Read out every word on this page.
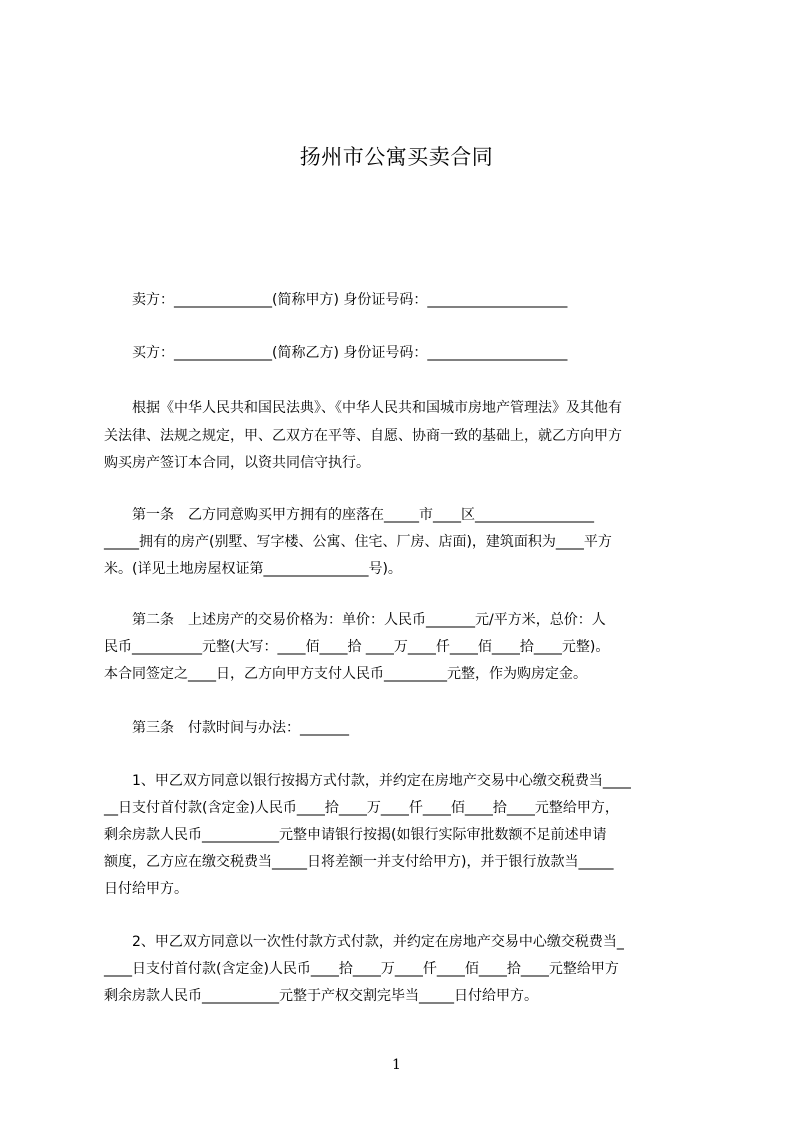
扬州市公寓买卖合同
　　卖方：______________(简称甲方) 身份证号码：____________________
　　买方：______________(简称乙方) 身份证号码：____________________
　　根据《中华人民共和国民法典》、《中华人民共和国城市房地产管理法》及其他有
关法律、法规之规定，甲、乙双方在平等、自愿、协商一致的基础上，就乙方向甲方
购买房产签订本合同，以资共同信守执行。
　　第一条　乙方同意购买甲方拥有的座落在_____市____区_________________
_____拥有的房产(别墅、写字楼、公寓、住宅、厂房、店面)，建筑面积为____平方
米。(详见土地房屋权证第_______________号)。
　　第二条　上述房产的交易价格为：单价：人民币_______元/平方米，总价：人
民币__________元整(大写：____佰____拾 ____万____仟____佰____拾____元整)。
本合同签定之____日，乙方向甲方支付人民币_________元整，作为购房定金。
　　第三条　付款时间与办法：_______
　　1、甲乙双方同意以银行按揭方式付款，并约定在房地产交易中心缴交税费当____
__日支付首付款(含定金)人民币____拾____万____仟____佰____拾____元整给甲方，
剩余房款人民币___________元整申请银行按揭(如银行实际审批数额不足前述申请
额度，乙方应在缴交税费当_____日将差额一并支付给甲方)，并于银行放款当_____
日付给甲方。
　　2、甲乙双方同意以一次性付款方式付款，并约定在房地产交易中心缴交税费当_
____日支付首付款(含定金)人民币____拾____万____仟____佰____拾____元整给甲方
剩余房款人民币___________元整于产权交割完毕当_____日付给甲方。
1
